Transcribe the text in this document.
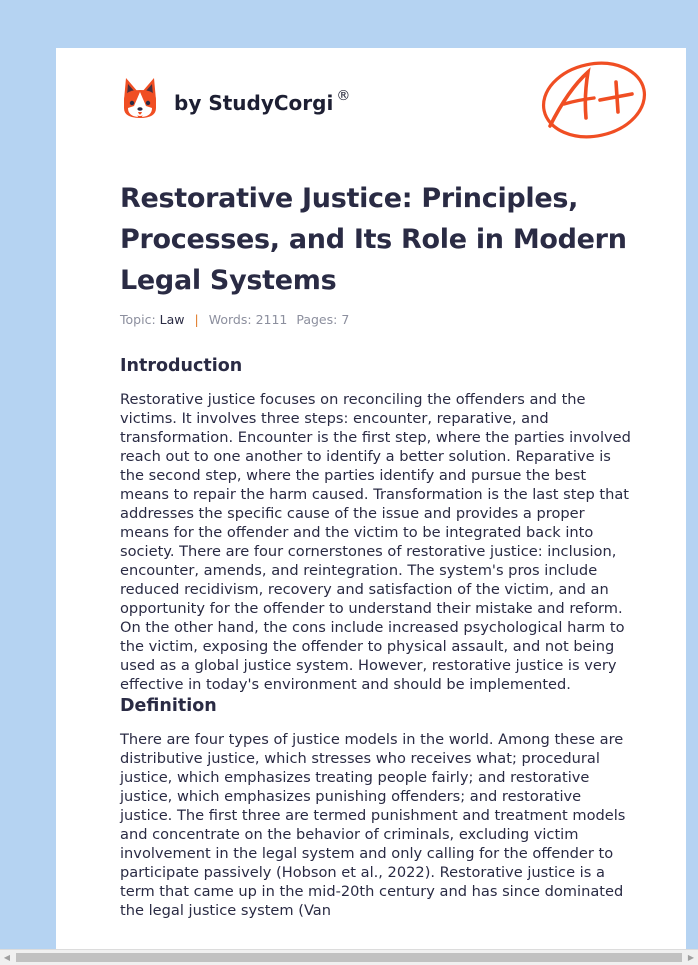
by StudyCorgi ®
Restorative Justice: Principles, Processes, and Its Role in Modern Legal Systems
Topic: Law | Words: 2111 Pages: 7
Introduction

Restorative justice focuses on reconciling the offenders and the victims. It involves three steps: encounter, reparative, and transformation. Encounter is the first step, where the parties involved reach out to one another to identify a better solution. Reparative is the second step, where the parties identify and pursue the best means to repair the harm caused. Transformation is the last step that addresses the specific cause of the issue and provides a proper means for the offender and the victim to be integrated back into society. There are four cornerstones of restorative justice: inclusion, encounter, amends, and reintegration. The system's pros include reduced recidivism, recovery and satisfaction of the victim, and an opportunity for the offender to understand their mistake and reform. On the other hand, the cons include increased psychological harm to the victim, exposing the offender to physical assault, and not being used as a global justice system. However, restorative justice is very effective in today's environment and should be implemented.

Definition

There are four types of justice models in the world. Among these are distributive justice, which stresses who receives what; procedural justice, which emphasizes treating people fairly; and restorative justice, which emphasizes punishing offenders; and restorative justice. The first three are termed punishment and treatment models and concentrate on the behavior of criminals, excluding victim involvement in the legal system and only calling for the offender to participate passively (Hobson et al., 2022). Restorative justice is a term that came up in the mid-20th century and has since dominated the legal justice system (Van

◀	▶
